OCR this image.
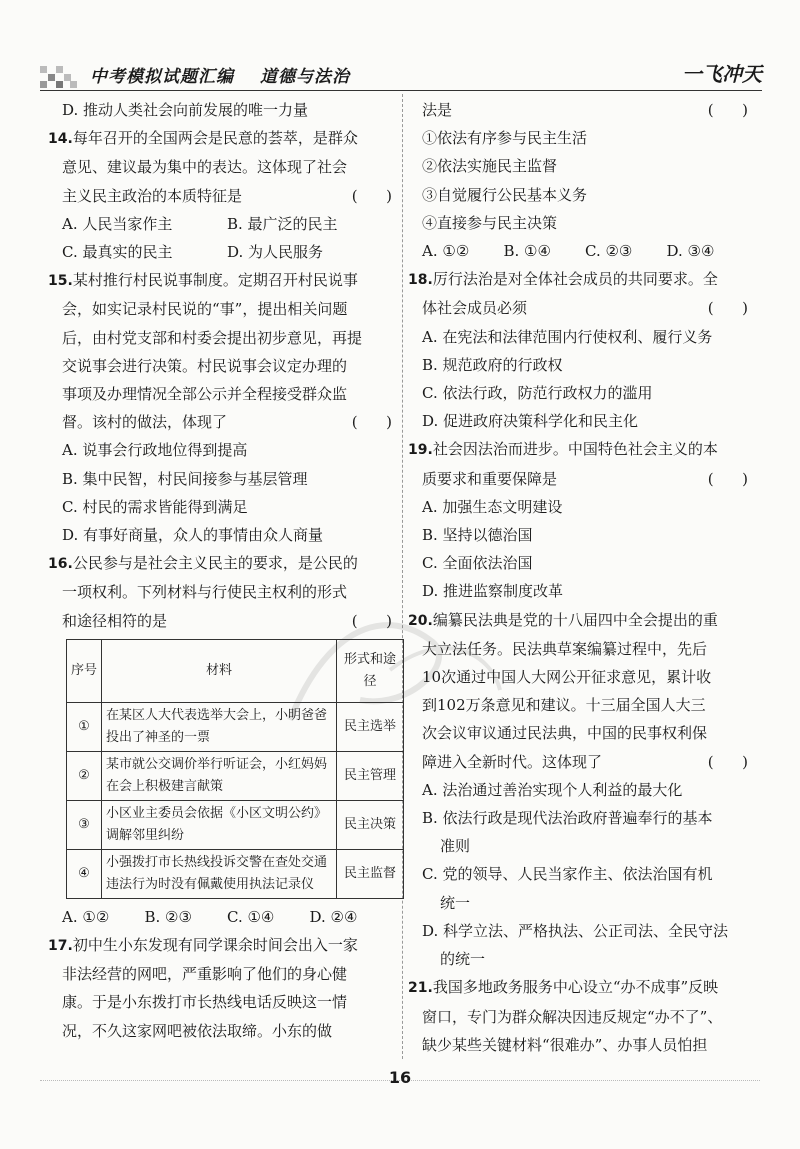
中考模拟试题汇编 道德与法治	一飞冲天
D. 推动人类社会向前发展的唯一力量
14.每年召开的全国两会是民意的荟萃，是群众
意见、建议最为集中的表达。这体现了社会
主义民主政治的本质特征是	(      )
A. 人民当家作主	B. 最广泛的民主
C. 最真实的民主	D. 为人民服务
15.某村推行村民说事制度。定期召开村民说事
会，如实记录村民说的“事”，提出相关问题
后，由村党支部和村委会提出初步意见，再提
交说事会进行决策。村民说事会议定办理的
事项及办理情况全部公示并全程接受群众监
督。该村的做法，体现了	(      )
A. 说事会行政地位得到提高
B. 集中民智，村民间接参与基层管理
C. 村民的需求皆能得到满足
D. 有事好商量，众人的事情由众人商量
16.公民参与是社会主义民主的要求，是公民的
一项权利。下列材料与行使民主权利的形式
和途径相符的是	(      )
序号	材料	形式和途径
①	在某区人大代表选举大会上，小明爸爸投出了神圣的一票	民主选举
②	某市就公交调价举行听证会，小红妈妈在会上积极建言献策	民主管理
③	小区业主委员会依据《小区文明公约》调解邻里纠纷	民主决策
④	小强拨打市长热线投诉交警在查处交通违法行为时没有佩戴使用执法记录仪	民主监督
A. ①②	B. ②③	C. ①④	D. ②④
17.初中生小东发现有同学课余时间会出入一家
非法经营的网吧，严重影响了他们的身心健
康。于是小东拨打市长热线电话反映这一情
况，不久这家网吧被依法取缔。小东的做
法是	(      )
①依法有序参与民主生活
②依法实施民主监督
③自觉履行公民基本义务
④直接参与民主决策
A. ①②	B. ①④	C. ②③	D. ③④
18.厉行法治是对全体社会成员的共同要求。全
体社会成员必须	(      )
A. 在宪法和法律范围内行使权利、履行义务
B. 规范政府的行政权
C. 依法行政，防范行政权力的滥用
D. 促进政府决策科学化和民主化
19.社会因法治而进步。中国特色社会主义的本
质要求和重要保障是	(      )
A. 加强生态文明建设
B. 坚持以德治国
C. 全面依法治国
D. 推进监察制度改革
20.编纂民法典是党的十八届四中全会提出的重
大立法任务。民法典草案编纂过程中，先后
10次通过中国人大网公开征求意见，累计收
到102万条意见和建议。十三届全国人大三
次会议审议通过民法典，中国的民事权利保
障进入全新时代。这体现了	(      )
A. 法治通过善治实现个人利益的最大化
B. 依法行政是现代法治政府普遍奉行的基本
准则
C. 党的领导、人民当家作主、依法治国有机
统一
D. 科学立法、严格执法、公正司法、全民守法
的统一
21.我国多地政务服务中心设立“办不成事”反映
窗口，专门为群众解决因违反规定“办不了”、
缺少某些关键材料“很难办”、办事人员怕担
16
